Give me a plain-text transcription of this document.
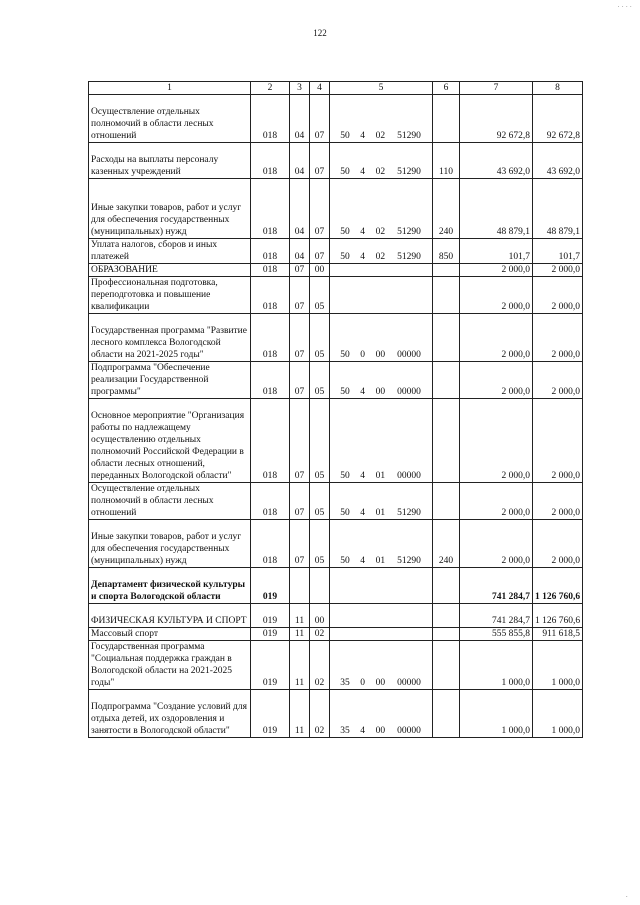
· · · ·
122
1	2	3	4	5	6	7	8
Осуществление отдельных полномочий в области лесных отношений	018	04	07	50 4 02 51290		92 672,8	92 672,8
Расходы на выплаты персоналу казенных учреждений	018	04	07	50 4 02 51290	110	43 692,0	43 692,0
Иные закупки товаров, работ и услуг для обеспечения государственных (муниципальных) нужд	018	04	07	50 4 02 51290	240	48 879,1	48 879,1
Уплата налогов, сборов и иных платежей	018	04	07	50 4 02 51290	850	101,7	101,7
ОБРАЗОВАНИЕ	018	07	00			2 000,0	2 000,0
Профессиональная подготовка, переподготовка и повышение квалификации	018	07	05			2 000,0	2 000,0
Государственная программа "Развитие лесного комплекса Вологодской области на 2021-2025 годы"	018	07	05	50 0 00 00000		2 000,0	2 000,0
Подпрограмма "Обеспечение реализации Государственной программы"	018	07	05	50 4 00 00000		2 000,0	2 000,0
Основное мероприятие "Организация работы по надлежащему осуществлению отдельных полномочий Российской Федерации в области лесных отношений, переданных Вологодской области"	018	07	05	50 4 01 00000		2 000,0	2 000,0
Осуществление отдельных полномочий в области лесных отношений	018	07	05	50 4 01 51290		2 000,0	2 000,0
Иные закупки товаров, работ и услуг для обеспечения государственных (муниципальных) нужд	018	07	05	50 4 01 51290	240	2 000,0	2 000,0
Департамент физической культуры и спорта Вологодской области	019					741 284,7	1 126 760,6
ФИЗИЧЕСКАЯ КУЛЬТУРА И СПОРТ	019	11	00			741 284,7	1 126 760,6
Массовый спорт	019	11	02			555 855,8	911 618,5
Государственная программа "Социальная поддержка граждан в Вологодской области на 2021-2025 годы"	019	11	02	35 0 00 00000		1 000,0	1 000,0
Подпрограмма "Создание условий для отдыха детей, их оздоровления и занятости в Вологодской области"	019	11	02	35 4 00 00000		1 000,0	1 000,0
·
